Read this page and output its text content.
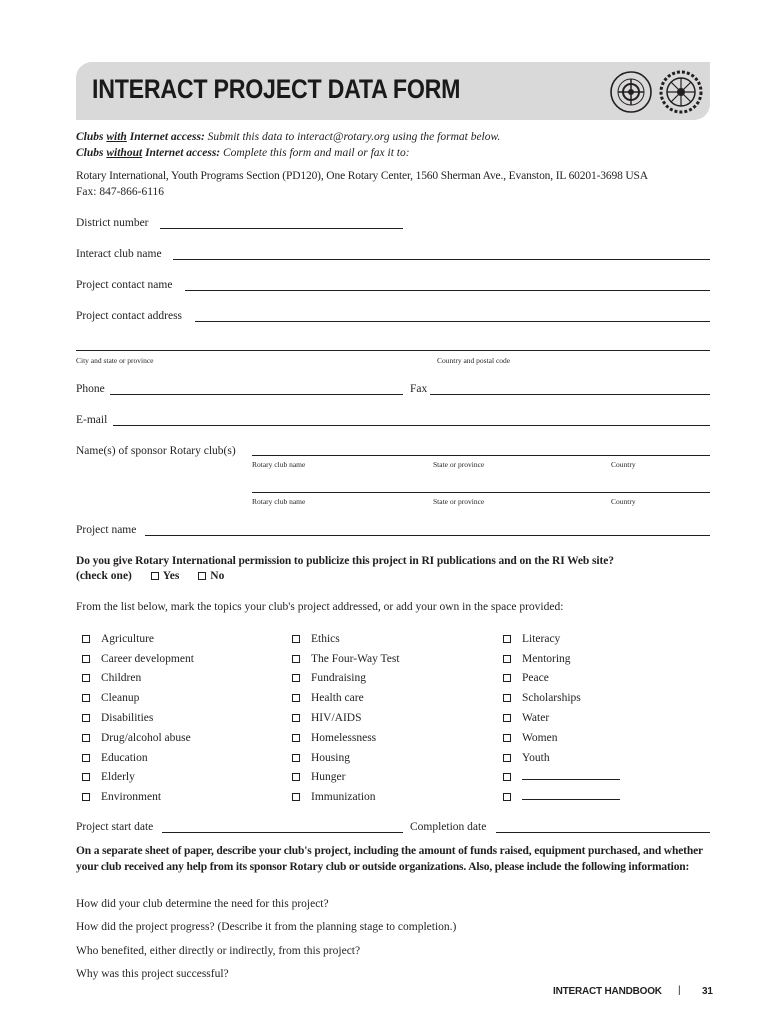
INTERACT PROJECT DATA FORM
Clubs with Internet access: Submit this data to interact@rotary.org using the format below.
Clubs without Internet access: Complete this form and mail or fax it to:
Rotary International, Youth Programs Section (PD120), One Rotary Center, 1560 Sherman Ave., Evanston, IL 60201-3698 USA
Fax: 847-866-6116
District number
Interact club name
Project contact name
Project contact address
City and state or province	Country and postal code
Phone	Fax
E-mail
Name(s) of sponsor Rotary club(s)
Rotary club name	State or province	Country
Rotary club name	State or province	Country
Project name
Do you give Rotary International permission to publicize this project in RI publications and on the RI Web site?
(check one)	Yes	No
From the list below, mark the topics your club's project addressed, or add your own in the space provided:
Agriculture
Career development
Children
Cleanup
Disabilities
Drug/alcohol abuse
Education
Elderly
Environment
Ethics
The Four-Way Test
Fundraising
Health care
HIV/AIDS
Homelessness
Housing
Hunger
Immunization
Literacy
Mentoring
Peace
Scholarships
Water
Women
Youth
Project start date	Completion date
On a separate sheet of paper, describe your club's project, including the amount of funds raised, equipment purchased, and whether your club received any help from its sponsor Rotary club or outside organizations. Also, please include the following information:
How did your club determine the need for this project?
How did the project progress? (Describe it from the planning stage to completion.)
Who benefited, either directly or indirectly, from this project?
Why was this project successful?
INTERACT HANDBOOK | 31
